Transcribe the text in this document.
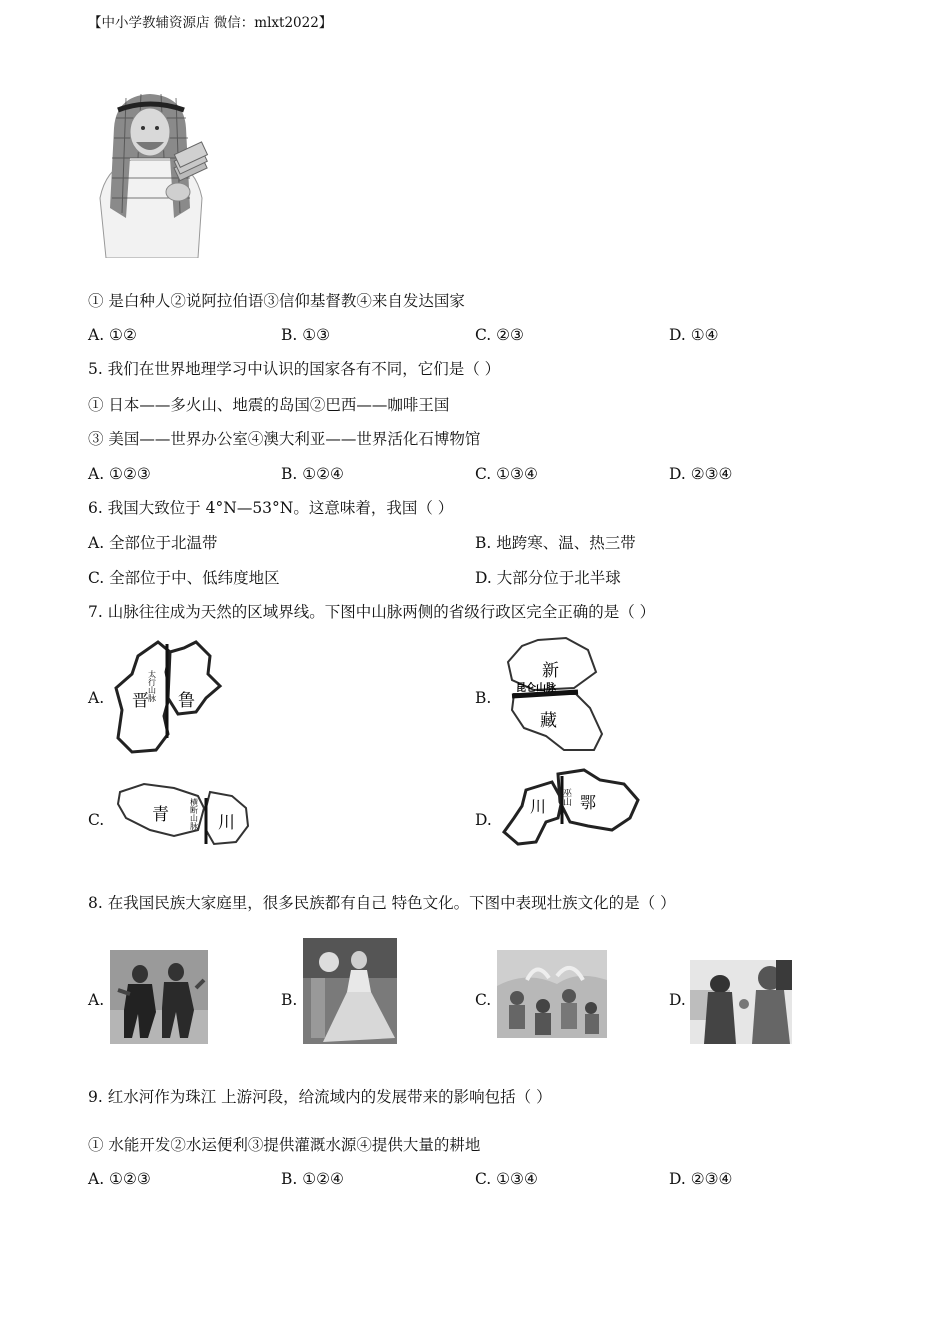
【中小学教辅资源店 微信：mlxt2022】
① 是白种人②说阿拉伯语③信仰基督教④来自发达国家
A. ①②	B. ①③	C. ②③	D. ①④
5. 我们在世界地理学习中认识的国家各有不同，它们是（ ）
① 日本——多火山、地震的岛国②巴西——咖啡王国
③ 美国——世界办公室④澳大利亚——世界活化石博物馆
A. ①②③	B. ①②④	C. ①③④	D. ②③④
6. 我国大致位于 4°N—53°N。这意味着，我国（ ）
A. 全部位于北温带	B. 地跨寒、温、热三带
C. 全部位于中、低纬度地区	D. 大部分位于北半球
7. 山脉往往成为天然的区域界线。下图中山脉两侧的省级行政区完全正确的是（ ）
A. 晋 鲁
太行山脉	B.
新
藏
昆仑山脉
C.	青	川
横断山脉	D.
川 鄂
巫山
8. 在我国民族大家庭里，很多民族都有自己 特色文化。下图中表现壮族文化的是（ ）
A.	B.	C.	D.
9. 红水河作为珠江 上游河段，给流域内的发展带来的影响包括（ ）
① 水能开发②水运便利③提供灌溉水源④提供大量的耕地
A. ①②③	B. ①②④	C. ①③④	D. ②③④
